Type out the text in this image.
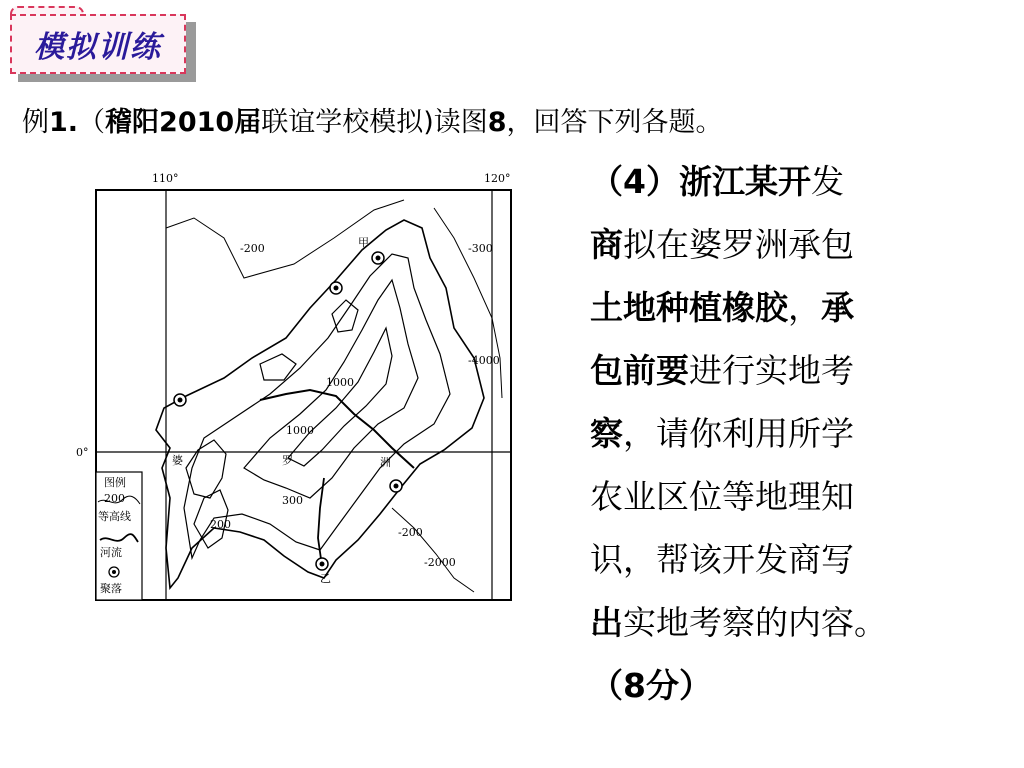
模拟训练
例1.（稽阳2010届联谊学校模拟)读图8，回答下列各题。
110°	120°
0°
-200	-300
-4000
1000
1000
300
200
-200
-2000
甲
乙
婆	罗	洲
图例
200
等高线
河流
聚落
（4）浙江某开发
商拟在婆罗洲承包
土地种植橡胶，承
包前要进行实地考
察，请你利用所学
农业区位等地理知
识，帮该开发商写
出实地考察的内容。
（8分）
